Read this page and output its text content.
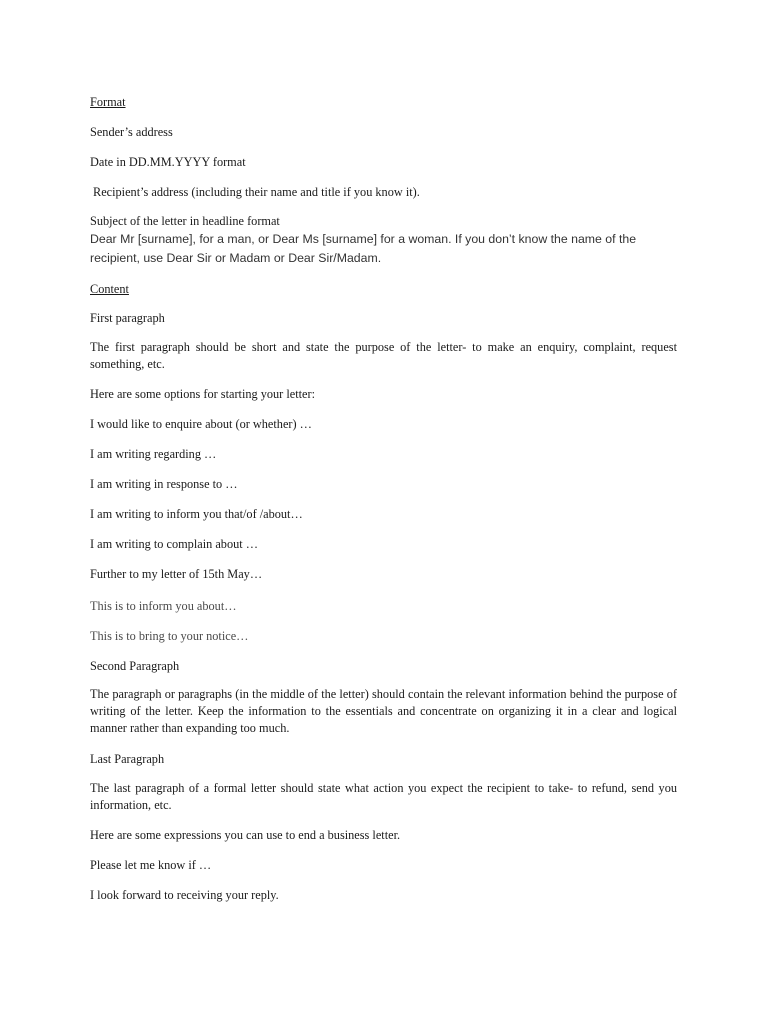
Format

Sender’s address

Date in DD.MM.YYYY format

Recipient’s address (including their name and title if you know it).

Subject of the letter in headline format

Dear Mr [surname], for a man, or Dear Ms [surname] for a woman. If you don’t know the name of the recipient, use Dear Sir or Madam or Dear Sir/Madam.

Content

First paragraph

The first paragraph should be short and state the purpose of the letter- to make an enquiry, complaint, request something, etc.

Here are some options for starting your letter:

I would like to enquire about (or whether) …

I am writing regarding …

I am writing in response to …

I am writing to inform you that/of /about…

I am writing to complain about …

Further to my letter of 15th May…

This is to inform you about…

This is to bring to your notice…

Second Paragraph

The paragraph or paragraphs (in the middle of the letter) should contain the relevant information behind the purpose of writing of the letter. Keep the information to the essentials and concentrate on organizing it in a clear and logical manner rather than expanding too much.

Last Paragraph

The last paragraph of a formal letter should state what action you expect the recipient to take- to refund, send you information, etc.

Here are some expressions you can use to end a business letter.

Please let me know if …

I look forward to receiving your reply.
